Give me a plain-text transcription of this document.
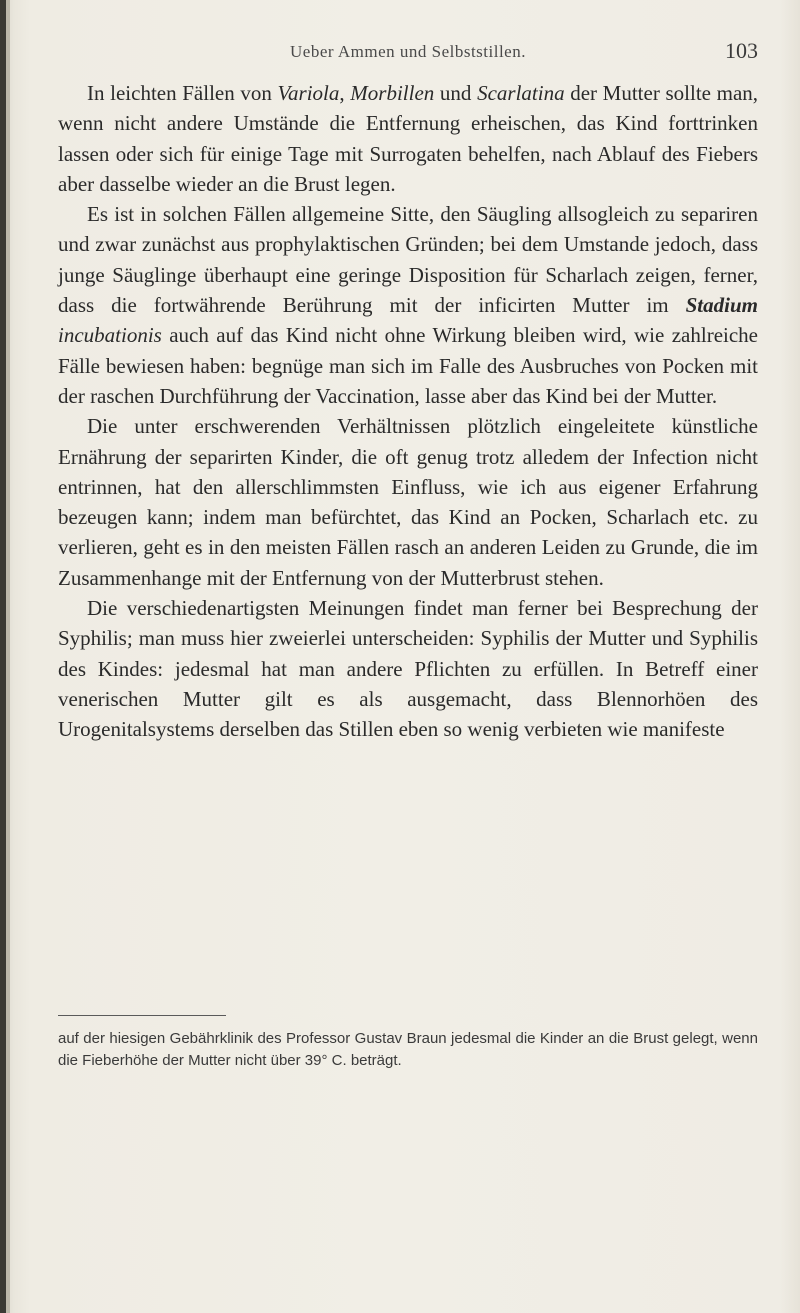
Ueber Ammen und Selbststillen.	103

In leichten Fällen von Variola, Morbillen und Scarlatina der Mutter sollte man, wenn nicht andere Umstände die Entfernung erheischen, das Kind forttrinken lassen oder sich für einige Tage mit Surrogaten behelfen, nach Ablauf des Fiebers aber dasselbe wieder an die Brust legen.

Es ist in solchen Fällen allgemeine Sitte, den Säugling allsogleich zu separiren und zwar zunächst aus prophylaktischen Gründen; bei dem Umstande jedoch, dass junge Säuglinge überhaupt eine geringe Disposition für Scharlach zeigen, ferner, dass die fortwährende Berührung mit der inficirten Mutter im Stadium incubationis auch auf das Kind nicht ohne Wirkung bleiben wird, wie zahlreiche Fälle bewiesen haben: begnüge man sich im Falle des Ausbruches von Pocken mit der raschen Durchführung der Vaccination, lasse aber das Kind bei der Mutter.

Die unter erschwerenden Verhältnissen plötzlich eingeleitete künstliche Ernährung der separirten Kinder, die oft genug trotz alledem der Infection nicht entrinnen, hat den allerschlimmsten Einfluss, wie ich aus eigener Erfahrung bezeugen kann; indem man befürchtet, das Kind an Pocken, Scharlach etc. zu verlieren, geht es in den meisten Fällen rasch an anderen Leiden zu Grunde, die im Zusammenhange mit der Entfernung von der Mutterbrust stehen.

Die verschiedenartigsten Meinungen findet man ferner bei Besprechung der Syphilis; man muss hier zweierlei unterscheiden: Syphilis der Mutter und Syphilis des Kindes: jedesmal hat man andere Pflichten zu erfüllen. In Betreff einer venerischen Mutter gilt es als ausgemacht, dass Blennorhöen des Urogenitalsystems derselben das Stillen eben so wenig verbieten wie manifeste

auf der hiesigen Gebährklinik des Professor Gustav Braun jedesmal die Kinder an die Brust gelegt, wenn die Fieberhöhe der Mutter nicht über 39° C. beträgt.
